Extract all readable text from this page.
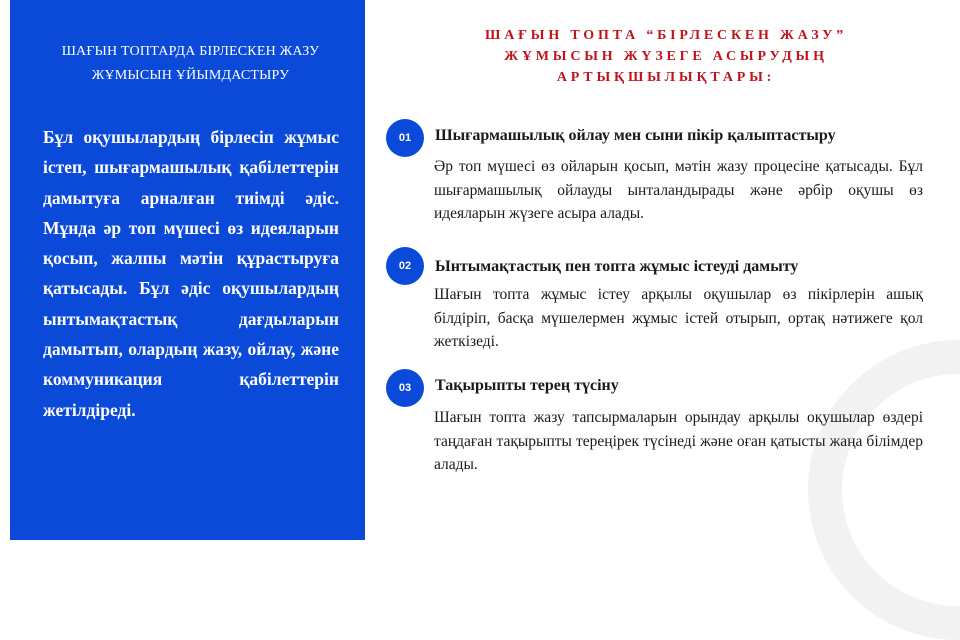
ШАҒЫН ТОПТАРДА БІРЛЕСКЕН ЖАЗУ
ЖҰМЫСЫН ҰЙЫМДАСТЫРУ
Бұл оқушылардың бірлесіп жұмыс істеп, шығармашылық қабілеттерін дамытуға арналған тиімді әдіс. Мұнда әр топ мүшесі өз идеяларын қосып, жалпы мәтін құрастыруға қатысады. Бұл әдіс оқушылардың ынтымақтастық дағдыларын дамытып, олардың жазу, ойлау, және коммуникация қабілеттерін жетілдіреді.
ШАҒЫН ТОПТА “БІРЛЕСКЕН ЖАЗУ”
ЖҰМЫСЫН ЖҮЗЕГЕ АСЫРУДЫҢ
АРТЫҚШЫЛЫҚТАРЫ:
01	Шығармашылық ойлау мен сыни пікір қалыптастыру
Әр топ мүшесі өз ойларын қосып, мәтін жазу процесіне қатысады. Бұл шығармашылық ойлауды ынталандырады және әрбір оқушы өз идеяларын жүзеге асыра алады.
02	Ынтымақтастық пен топта жұмыс істеуді дамыту
Шағын топта жұмыс істеу арқылы оқушылар өз пікірлерін ашық білдіріп, басқа мүшелермен жұмыс істей отырып, ортақ нәтижеге қол жеткізеді.
03	Тақырыпты терең түсіну
Шағын топта жазу тапсырмаларын орындау арқылы оқушылар өздері таңдаған тақырыпты тереңірек түсінеді және оған қатысты жаңа білімдер алады.
